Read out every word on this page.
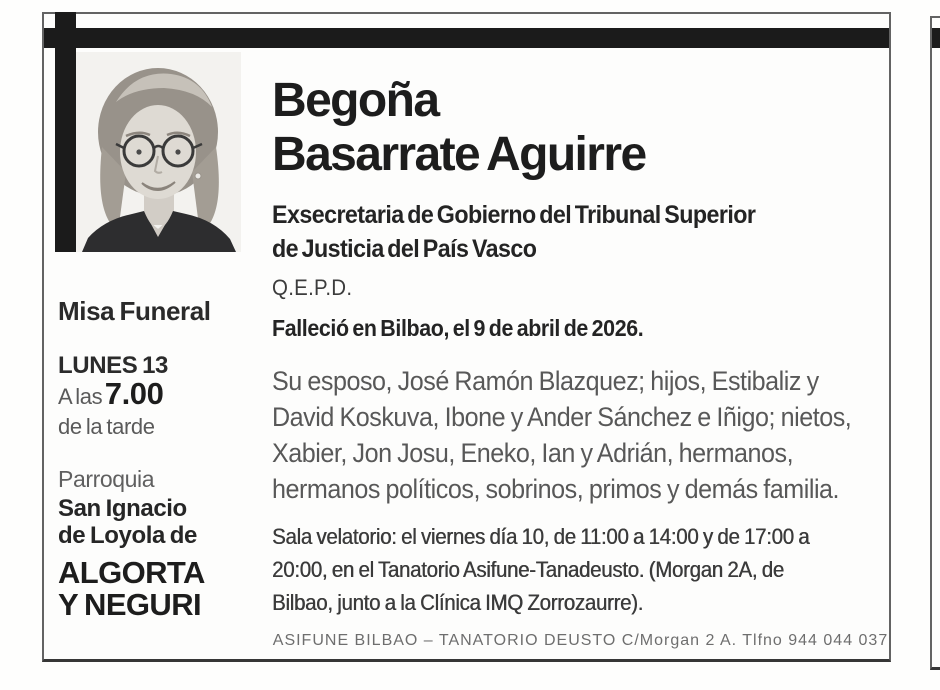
Misa Funeral
LUNES 13
A las 7.00
de la tarde
Parroquia
San Ignacio
de Loyola de
ALGORTA
Y NEGURI
Begoña
Basarrate Aguirre
Exsecretaria de Gobierno del Tribunal Superior
de Justicia del País Vasco
Q.E.P.D.
Falleció en Bilbao, el 9 de abril de 2026.
Su esposo, José Ramón Blazquez; hijos, Estibaliz y
David Koskuva, Ibone y Ander Sánchez e Iñigo; nietos,
Xabier, Jon Josu, Eneko, Ian y Adrián, hermanos,
hermanos políticos, sobrinos, primos y demás familia.
Sala velatorio: el viernes día 10, de 11:00 a 14:00 y de 17:00 a
20:00, en el Tanatorio Asifune-Tanadeusto. (Morgan 2A, de
Bilbao, junto a la Clínica IMQ Zorrozaurre).
ASIFUNE BILBAO – TANATORIO DEUSTO C/Morgan 2 A. Tlfno 944 044 037
